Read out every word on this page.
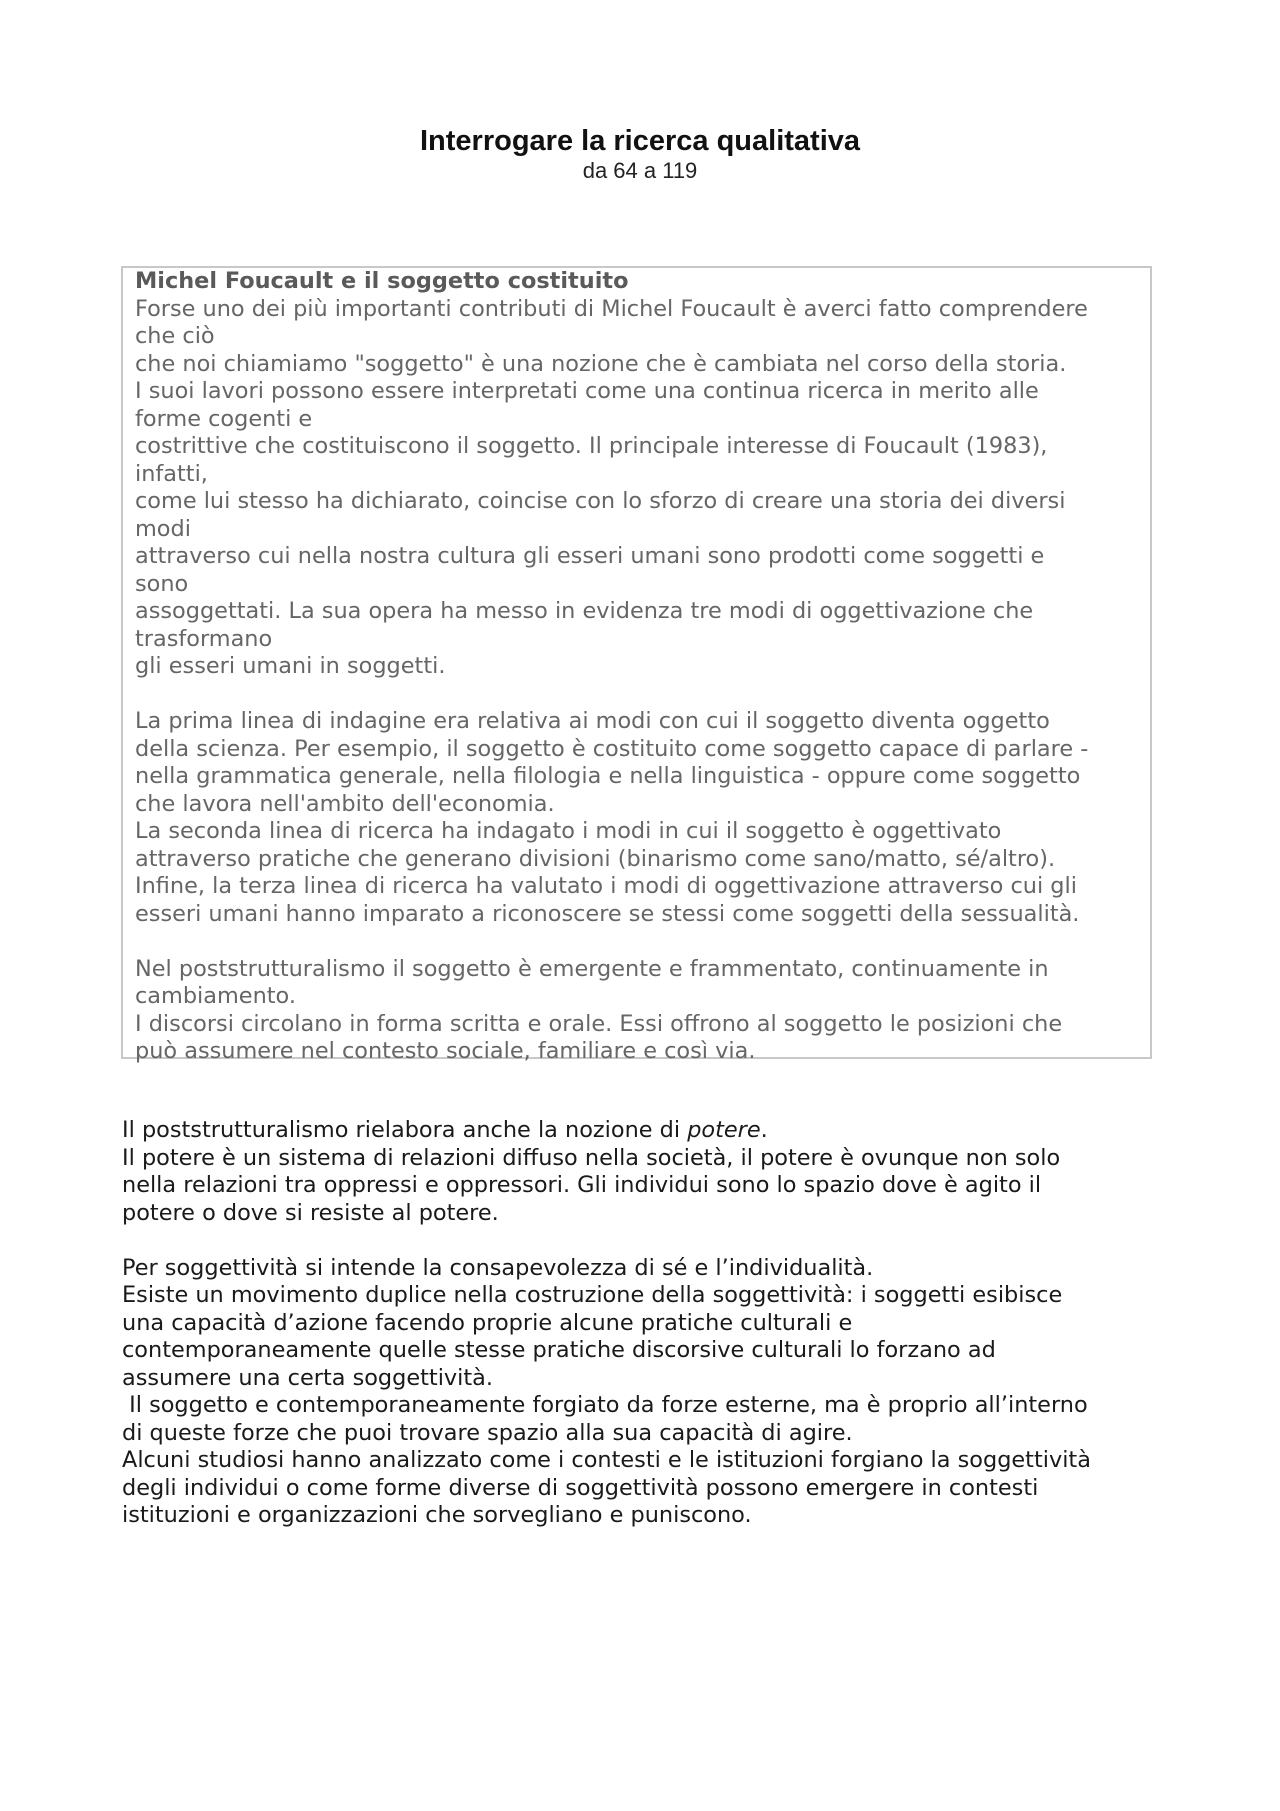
Interrogare la ricerca qualitativa
da 64 a 119
Michel Foucault e il soggetto costituito
Forse uno dei più importanti contributi di Michel Foucault è averci fatto comprendere
che ciò
che noi chiamiamo "soggetto" è una nozione che è cambiata nel corso della storia.
I suoi lavori possono essere interpretati come una continua ricerca in merito alle
forme cogenti e
costrittive che costituiscono il soggetto. Il principale interesse di Foucault (1983),
infatti,
come lui stesso ha dichiarato, coincise con lo sforzo di creare una storia dei diversi
modi
attraverso cui nella nostra cultura gli esseri umani sono prodotti come soggetti e
sono
assoggettati. La sua opera ha messo in evidenza tre modi di oggettivazione che
trasformano
gli esseri umani in soggetti.
La prima linea di indagine era relativa ai modi con cui il soggetto diventa oggetto
della scienza. Per esempio, il soggetto è costituito come soggetto capace di parlare -
nella grammatica generale, nella filologia e nella linguistica - oppure come soggetto
che lavora nell'ambito dell'economia.
La seconda linea di ricerca ha indagato i modi in cui il soggetto è oggettivato
attraverso pratiche che generano divisioni (binarismo come sano/matto, sé/altro).
Infine, la terza linea di ricerca ha valutato i modi di oggettivazione attraverso cui gli
esseri umani hanno imparato a riconoscere se stessi come soggetti della sessualità.
Nel poststrutturalismo il soggetto è emergente e frammentato, continuamente in
cambiamento.
I discorsi circolano in forma scritta e orale. Essi offrono al soggetto le posizioni che
può assumere nel contesto sociale, familiare e così via.
Il poststrutturalismo rielabora anche la nozione di potere.
Il potere è un sistema di relazioni diffuso nella società, il potere è ovunque non solo
nella relazioni tra oppressi e oppressori. Gli individui sono lo spazio dove è agito il
potere o dove si resiste al potere.
Per soggettività si intende la consapevolezza di sé e l’individualità.
Esiste un movimento duplice nella costruzione della soggettività: i soggetti esibisce
una capacità d’azione facendo proprie alcune pratiche culturali e
contemporaneamente quelle stesse pratiche discorsive culturali lo forzano ad
assumere una certa soggettività.
Il soggetto e contemporaneamente forgiato da forze esterne, ma è proprio all’interno
di queste forze che puoi trovare spazio alla sua capacità di agire.
Alcuni studiosi hanno analizzato come i contesti e le istituzioni forgiano la soggettività
degli individui o come forme diverse di soggettività possono emergere in contesti
istituzioni e organizzazioni che sorvegliano e puniscono.
